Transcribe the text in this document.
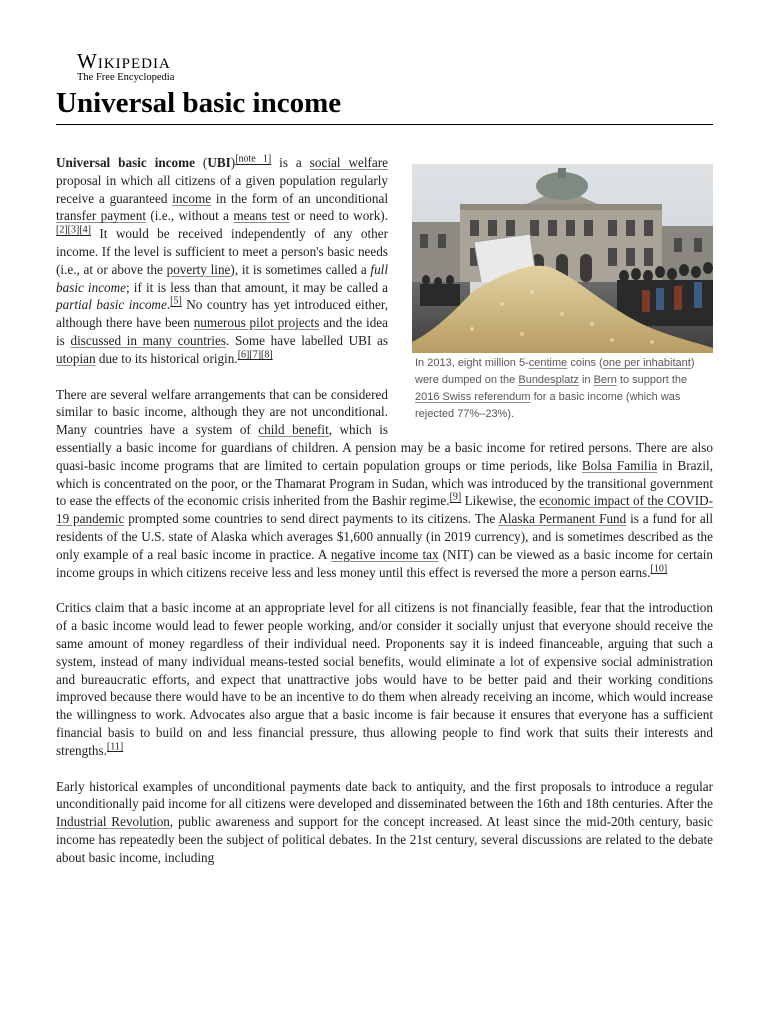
Wikipedia
The Free Encyclopedia
Universal basic income
In 2013, eight million 5-centime coins (one per inhabitant) were dumped on the Bundesplatz in Bern to support the 2016 Swiss referendum for a basic income (which was rejected 77%–23%).

Universal basic income (UBI)[note 1] is a social welfare proposal in which all citizens of a given population regularly receive a guaranteed income in the form of an unconditional transfer payment (i.e., without a means test or need to work).[2][3][4] It would be received independently of any other income. If the level is sufficient to meet a person's basic needs (i.e., at or above the poverty line), it is sometimes called a full basic income; if it is less than that amount, it may be called a partial basic income.[5] No country has yet introduced either, although there have been numerous pilot projects and the idea is discussed in many countries. Some have labelled UBI as utopian due to its historical origin.[6][7][8]

There are several welfare arrangements that can be considered similar to basic income, although they are not unconditional. Many countries have a system of child benefit, which is essentially a basic income for guardians of children. A pension may be a basic income for retired persons. There are also quasi-basic income programs that are limited to certain population groups or time periods, like Bolsa Familia in Brazil, which is concentrated on the poor, or the Thamarat Program in Sudan, which was introduced by the transitional government to ease the effects of the economic crisis inherited from the Bashir regime.[9] Likewise, the economic impact of the COVID-19 pandemic prompted some countries to send direct payments to its citizens. The Alaska Permanent Fund is a fund for all residents of the U.S. state of Alaska which averages $1,600 annually (in 2019 currency), and is sometimes described as the only example of a real basic income in practice. A negative income tax (NIT) can be viewed as a basic income for certain income groups in which citizens receive less and less money until this effect is reversed the more a person earns.[10]

Critics claim that a basic income at an appropriate level for all citizens is not financially feasible, fear that the introduction of a basic income would lead to fewer people working, and/or consider it socially unjust that everyone should receive the same amount of money regardless of their individual need. Proponents say it is indeed financeable, arguing that such a system, instead of many individual means-tested social benefits, would eliminate a lot of expensive social administration and bureaucratic efforts, and expect that unattractive jobs would have to be better paid and their working conditions improved because there would have to be an incentive to do them when already receiving an income, which would increase the willingness to work. Advocates also argue that a basic income is fair because it ensures that everyone has a sufficient financial basis to build on and less financial pressure, thus allowing people to find work that suits their interests and strengths.[11]

Early historical examples of unconditional payments date back to antiquity, and the first proposals to introduce a regular unconditionally paid income for all citizens were developed and disseminated between the 16th and 18th centuries. After the Industrial Revolution, public awareness and support for the concept increased. At least since the mid-20th century, basic income has repeatedly been the subject of political debates. In the 21st century, several discussions are related to the debate about basic income, including
